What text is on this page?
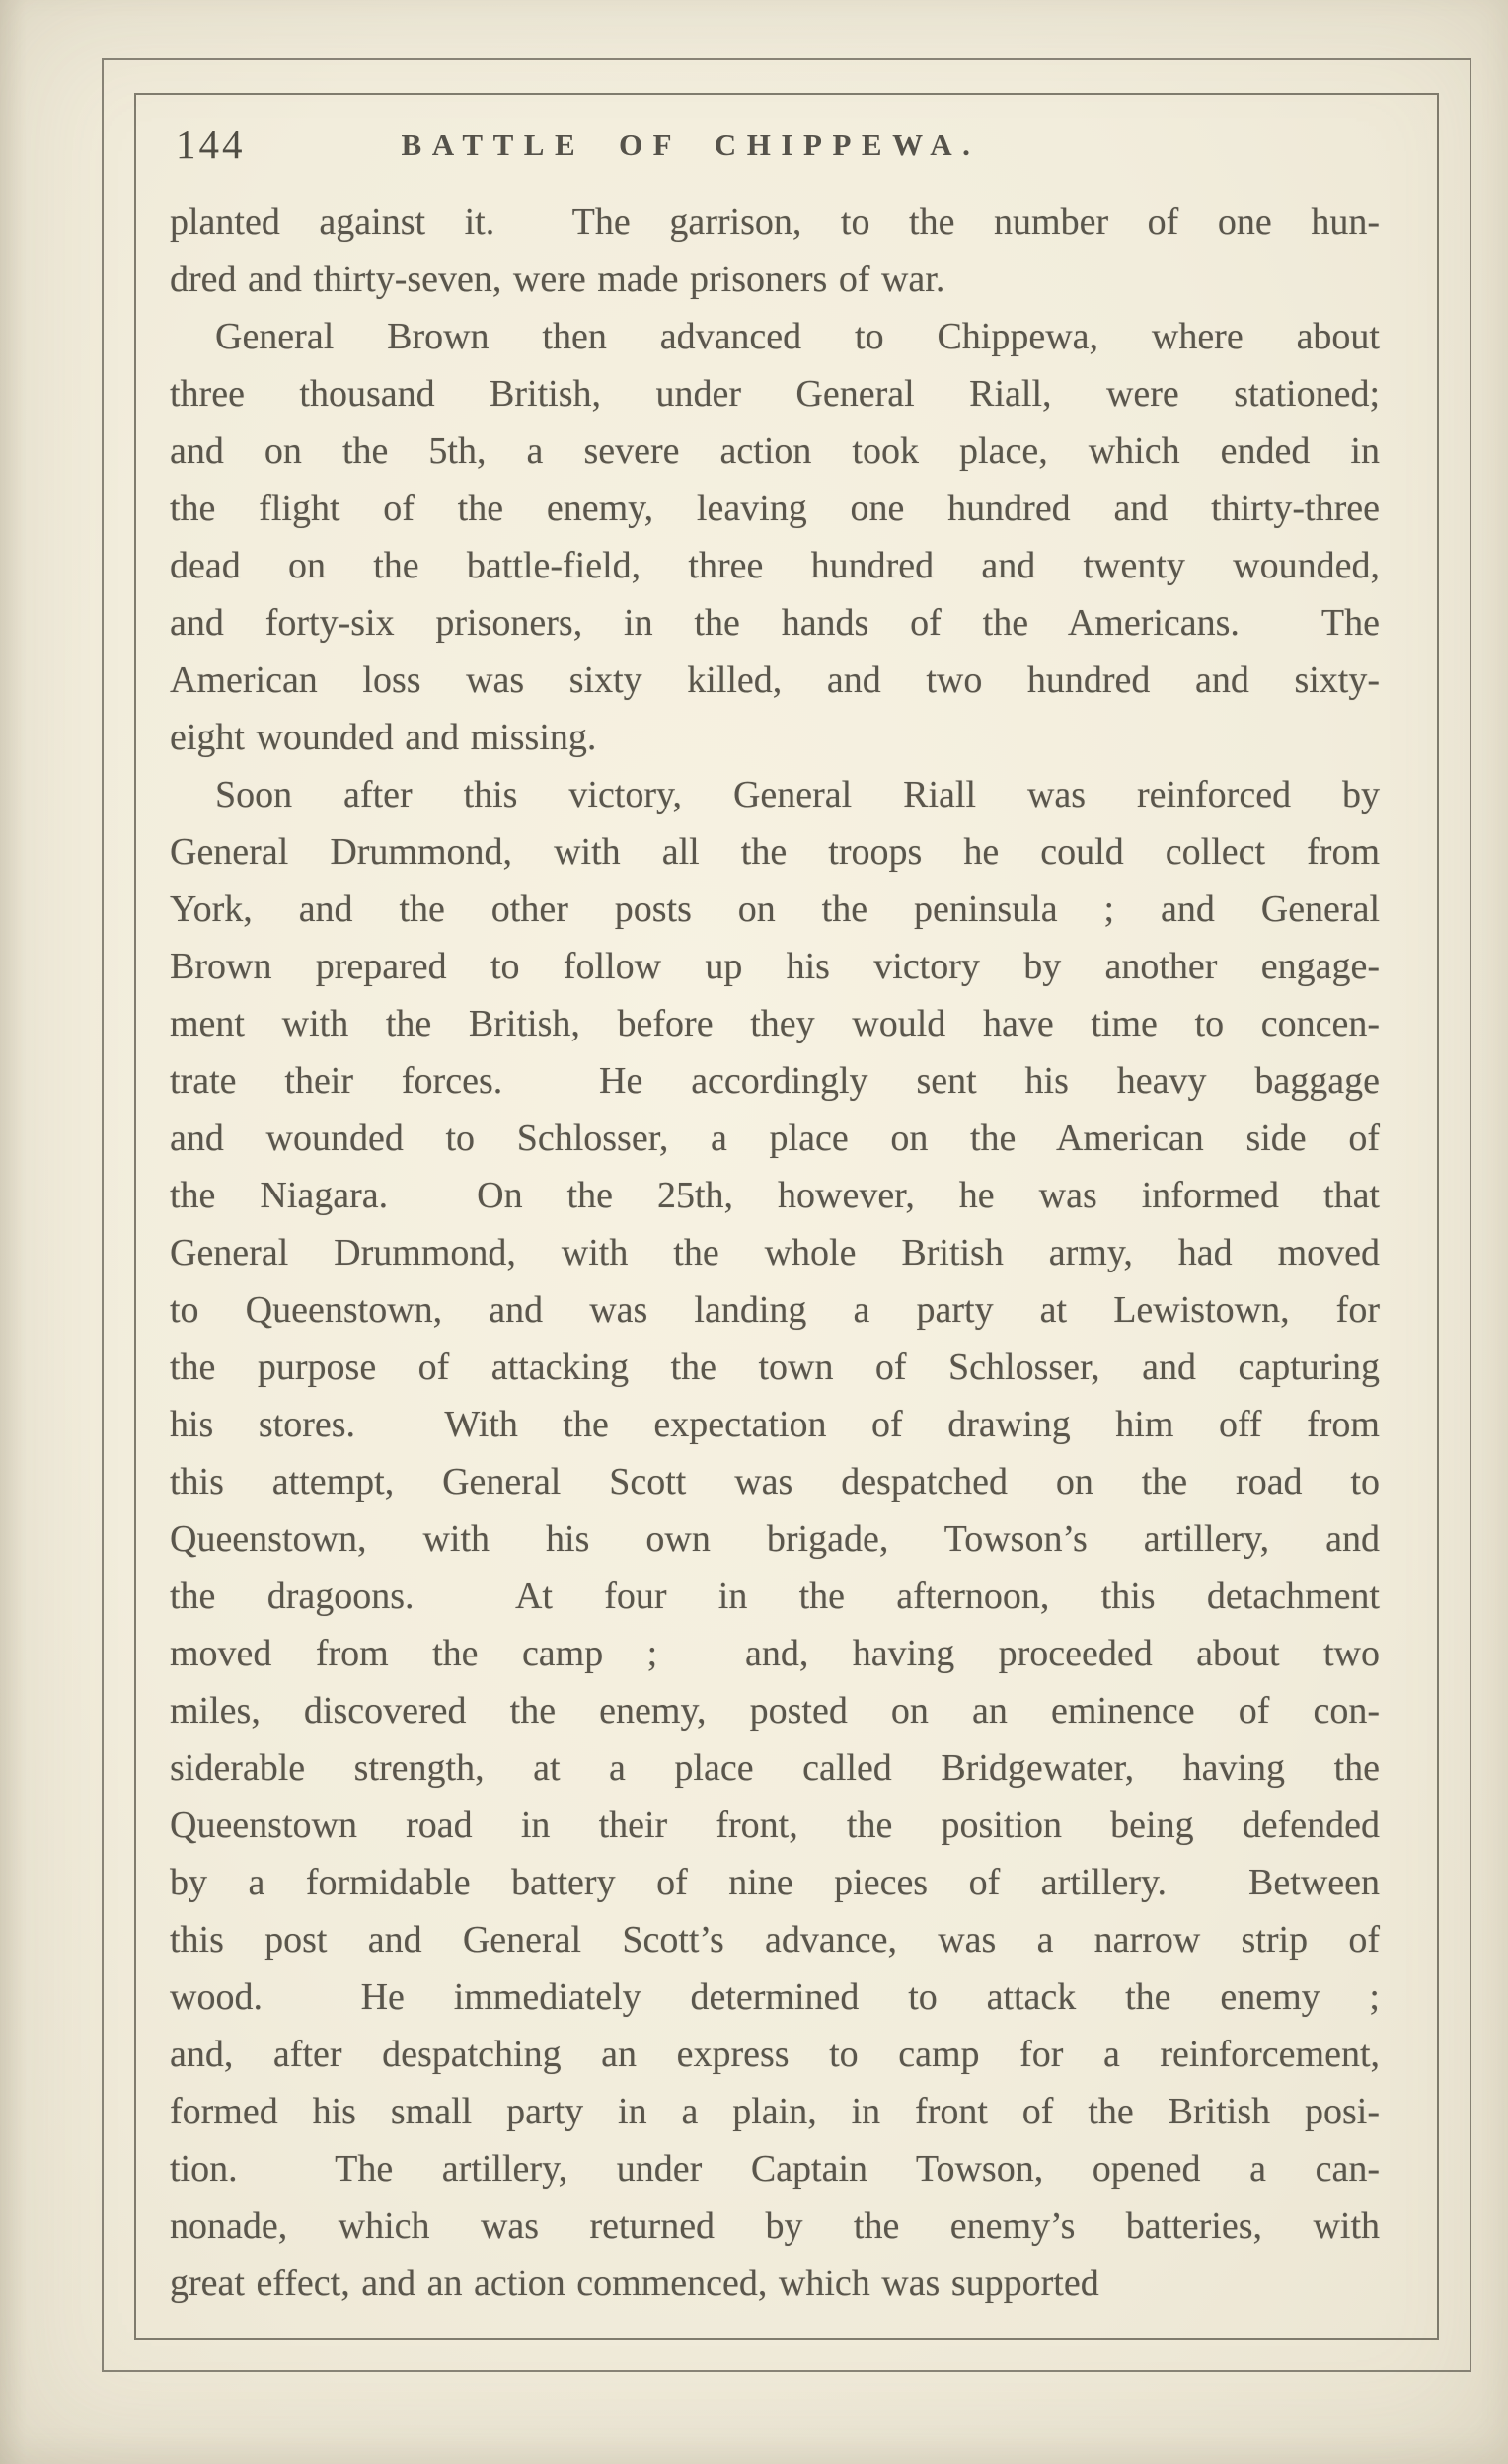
144	BATTLE OF CHIPPEWA.
planted against it.  The garrison, to the number of one hun-
dred and thirty-seven, were made prisoners of war.
General Brown then advanced to Chippewa, where about
three thousand British, under General Riall, were stationed;
and on the 5th, a severe action took place, which ended in
the flight of the enemy, leaving one hundred and thirty-three
dead on the battle-field, three hundred and twenty wounded,
and forty-six prisoners, in the hands of the Americans.  The
American loss was sixty killed, and two hundred and sixty-
eight wounded and missing.
Soon after this victory, General Riall was reinforced by
General Drummond, with all the troops he could collect from
York, and the other posts on the peninsula ; and General
Brown prepared to follow up his victory by another engage-
ment with the British, before they would have time to concen-
trate their forces.  He accordingly sent his heavy baggage
and wounded to Schlosser, a place on the American side of
the Niagara.  On the 25th, however, he was informed that
General Drummond, with the whole British army, had moved
to Queenstown, and was landing a party at Lewistown, for
the purpose of attacking the town of Schlosser, and capturing
his stores.  With the expectation of drawing him off from
this attempt, General Scott was despatched on the road to
Queenstown, with his own brigade, Towson’s artillery, and
the dragoons.  At four in the afternoon, this detachment
moved from the camp ;  and, having proceeded about two
miles, discovered the enemy, posted on an eminence of con-
siderable strength, at a place called Bridgewater, having the
Queenstown road in their front, the position being defended
by a formidable battery of nine pieces of artillery.  Between
this post and General Scott’s advance, was a narrow strip of
wood.  He immediately determined to attack the enemy ;
and, after despatching an express to camp for a reinforcement,
formed his small party in a plain, in front of the British posi-
tion.  The artillery, under Captain Towson, opened a can-
nonade, which was returned by the enemy’s batteries, with
great effect, and an action commenced, which was supported
